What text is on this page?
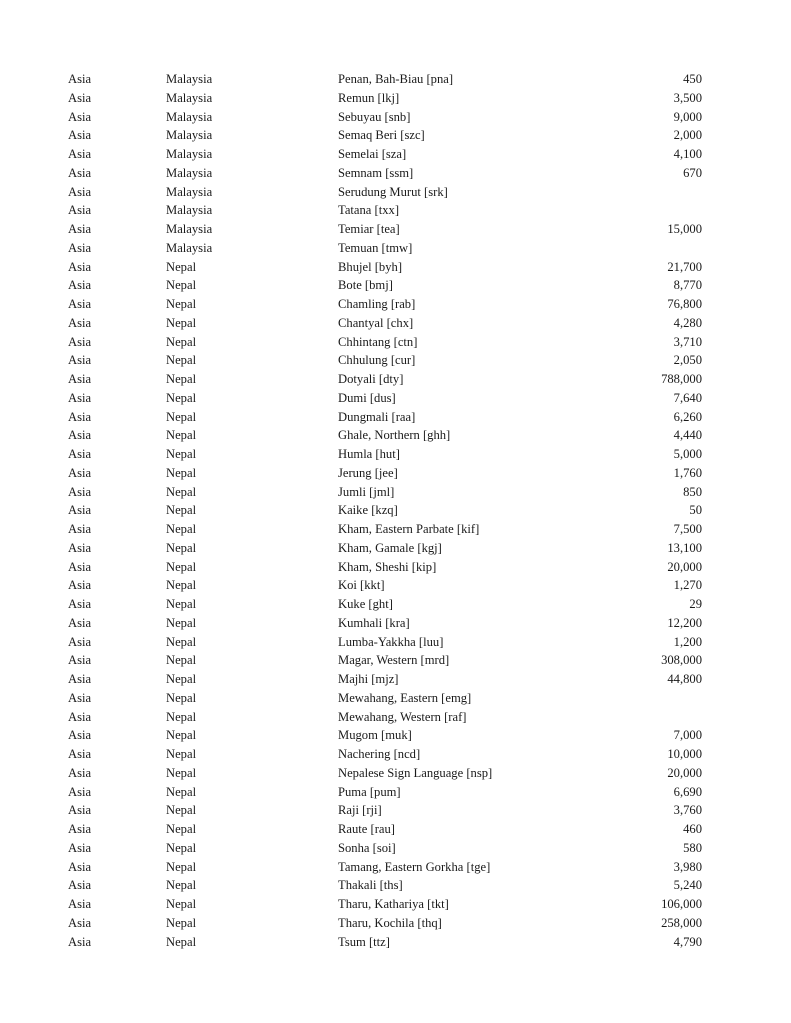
Asia	Malaysia	Penan, Bah-Biau [pna]	450
Asia	Malaysia	Remun [lkj]	3,500
Asia	Malaysia	Sebuyau [snb]	9,000
Asia	Malaysia	Semaq Beri [szc]	2,000
Asia	Malaysia	Semelai [sza]	4,100
Asia	Malaysia	Semnam [ssm]	670
Asia	Malaysia	Serudung Murut [srk]
Asia	Malaysia	Tatana [txx]
Asia	Malaysia	Temiar [tea]	15,000
Asia	Malaysia	Temuan [tmw]
Asia	Nepal	Bhujel [byh]	21,700
Asia	Nepal	Bote [bmj]	8,770
Asia	Nepal	Chamling [rab]	76,800
Asia	Nepal	Chantyal [chx]	4,280
Asia	Nepal	Chhintang [ctn]	3,710
Asia	Nepal	Chhulung [cur]	2,050
Asia	Nepal	Dotyali [dty]	788,000
Asia	Nepal	Dumi [dus]	7,640
Asia	Nepal	Dungmali [raa]	6,260
Asia	Nepal	Ghale, Northern [ghh]	4,440
Asia	Nepal	Humla [hut]	5,000
Asia	Nepal	Jerung [jee]	1,760
Asia	Nepal	Jumli [jml]	850
Asia	Nepal	Kaike [kzq]	50
Asia	Nepal	Kham, Eastern Parbate [kif]	7,500
Asia	Nepal	Kham, Gamale [kgj]	13,100
Asia	Nepal	Kham, Sheshi [kip]	20,000
Asia	Nepal	Koi [kkt]	1,270
Asia	Nepal	Kuke [ght]	29
Asia	Nepal	Kumhali [kra]	12,200
Asia	Nepal	Lumba-Yakkha [luu]	1,200
Asia	Nepal	Magar, Western [mrd]	308,000
Asia	Nepal	Majhi [mjz]	44,800
Asia	Nepal	Mewahang, Eastern [emg]
Asia	Nepal	Mewahang, Western [raf]
Asia	Nepal	Mugom [muk]	7,000
Asia	Nepal	Nachering [ncd]	10,000
Asia	Nepal	Nepalese Sign Language [nsp]	20,000
Asia	Nepal	Puma [pum]	6,690
Asia	Nepal	Raji [rji]	3,760
Asia	Nepal	Raute [rau]	460
Asia	Nepal	Sonha [soi]	580
Asia	Nepal	Tamang, Eastern Gorkha [tge]	3,980
Asia	Nepal	Thakali [ths]	5,240
Asia	Nepal	Tharu, Kathariya [tkt]	106,000
Asia	Nepal	Tharu, Kochila [thq]	258,000
Asia	Nepal	Tsum [ttz]	4,790
